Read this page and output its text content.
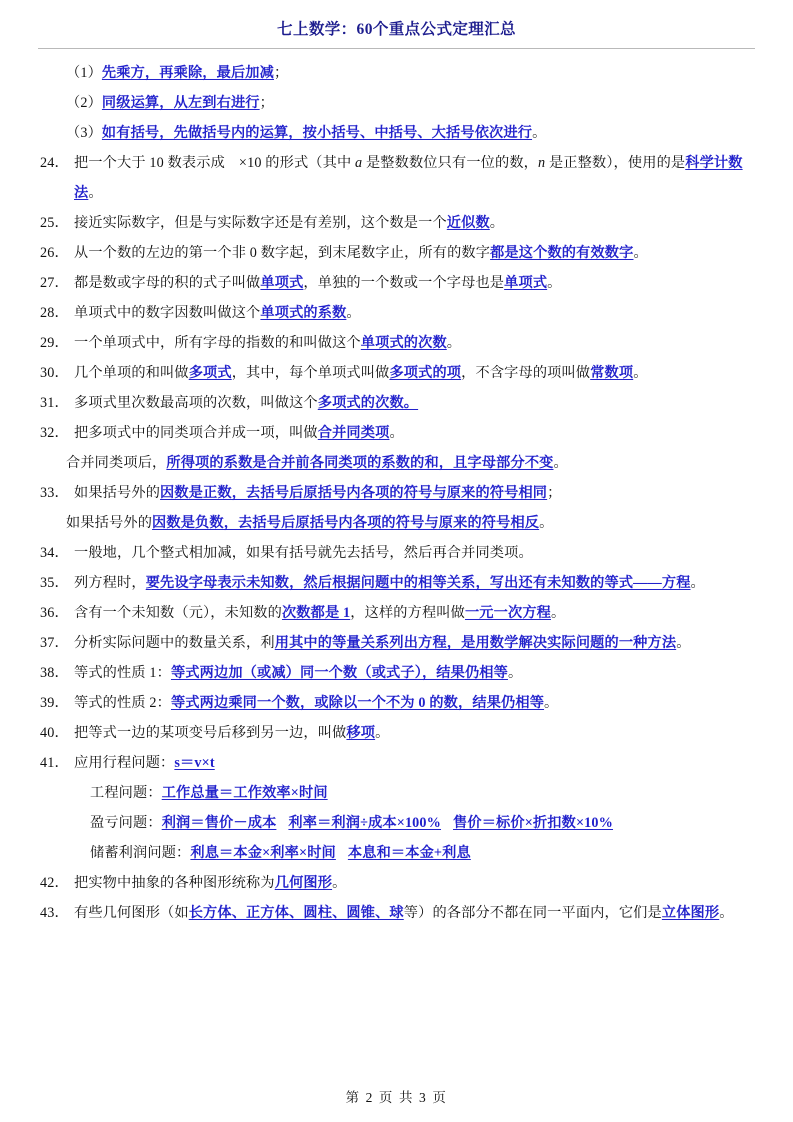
七上数学：60个重点公式定理汇总
（1）先乘方，再乘除，最后加减；
（2）同级运算，从左到右进行；
（3）如有括号，先做括号内的运算，按小括号、中括号、大括号依次进行。
24． 把一个大于 10 数表示成 ×10 的形式（其中 a 是整数数位只有一位的数，n 是正整数），使用的是科学计数法。
25． 接近实际数字，但是与实际数字还是有差别，这个数是一个近似数。
26． 从一个数的左边的第一个非 0 数字起，到末尾数字止，所有的数字都是这个数的有效数字。
27． 都是数或字母的积的式子叫做单项式，单独的一个数或一个字母也是单项式。
28． 单项式中的数字因数叫做这个单项式的系数。
29． 一个单项式中，所有字母的指数的和叫做这个单项式的次数。
30． 几个单项的和叫做多项式，其中，每个单项式叫做多项式的项，不含字母的项叫做常数项。
31． 多项式里次数最高项的次数，叫做这个多项式的次数。
32． 把多项式中的同类项合并成一项，叫做合并同类项。
合并同类项后，所得项的系数是合并前各同类项的系数的和，且字母部分不变。
33． 如果括号外的因数是正数，去括号后原括号内各项的符号与原来的符号相同；
如果括号外的因数是负数，去括号后原括号内各项的符号与原来的符号相反。
34． 一般地，几个整式相加减，如果有括号就先去括号，然后再合并同类项。
35． 列方程时，要先设字母表示未知数，然后根据问题中的相等关系，写出还有未知数的等式——方程。
36． 含有一个未知数（元），未知数的次数都是 1，这样的方程叫做一元一次方程。
37． 分析实际问题中的数量关系，利用其中的等量关系列出方程，是用数学解决实际问题的一种方法。
38． 等式的性质 1：等式两边加（或减）同一个数（或式子），结果仍相等。
39． 等式的性质 2：等式两边乘同一个数，或除以一个不为 0 的数，结果仍相等。
40． 把等式一边的某项变号后移到另一边，叫做移项。
41． 应用行程问题：s＝v×t
工程问题：工作总量＝工作效率×时间
盈亏问题：利润＝售价－成本 利率＝利润÷成本×100% 售价＝标价×折扣数×10%
储蓄利润问题：利息＝本金×利率×时间 本息和＝本金+利息
42． 把实物中抽象的各种图形统称为几何图形。
43． 有些几何图形（如长方体、正方体、圆柱、圆锥、球等）的各部分不都在同一平面内，它们是立体图形。
第 2 页 共 3 页
